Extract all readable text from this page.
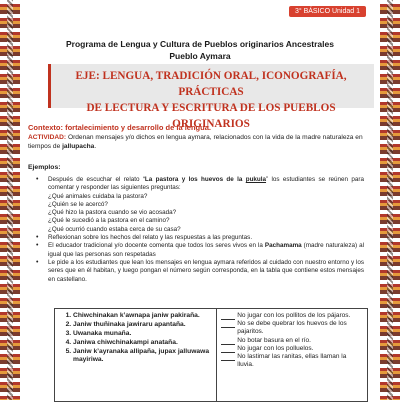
3° BÁSICO Unidad 1
Programa de Lengua y Cultura de Pueblos originarios Ancestrales
Pueblo Aymara
EJE: LENGUA, TRADICIÓN ORAL, ICONOGRAFÍA, PRÁCTICAS
DE LECTURA Y ESCRITURA DE LOS PUEBLOS ORIGINARIOS
Contexto: fortalecimiento y desarrollo de la lengua.
ACTIVIDAD: Ordenan mensajes y/o dichos en lengua aymara, relacionados con la vida de la madre naturaleza en tiempos de jallupacha.
Ejemplos:
• Después de escuchar el relato “La pastora y los huevos de la pukula” los estudiantes se reúnen para comentar y responder las siguientes preguntas:

¿Qué animales cuidaba la pastora?

¿Quién se le acercó?

¿Qué hizo la pastora cuando se vio acosada?

¿Qué le sucedió a la pastora en el camino?

¿Qué ocurrió cuando estaba cerca de su casa?

• Reflexionan sobre los hechos del relato y las respuestas a las preguntas.
• El educador tradicional y/o docente comenta que todos los seres vivos en la Pachamama (madre naturaleza) al igual que las personas son respetadas
• Le pide a los estudiantes que lean los mensajes en lengua aymara referidos al cuidado con nuestro entorno y los seres que en él habitan, y luego pongan el número según corresponda, en la tabla que contiene estos mensajes en castellano.
1. Chiwchinakan k’awnapa janiw pakiraña.
2. Janiw thuñinaka jawiraru apantaña.
3. Uwanaka munaña.
4. Janiwa chiwchinakampi anataña.
5. Janiw k’ayranaka allipaña, jupax jalluwawa mayiriwa.
No jugar con los pollitos de los pájaros.
No se debe quebrar los huevos de los pajaritos.
No botar basura en el río.
No jugar con los polluelos.
No lastimar las ranitas, ellas llaman la lluvia.
